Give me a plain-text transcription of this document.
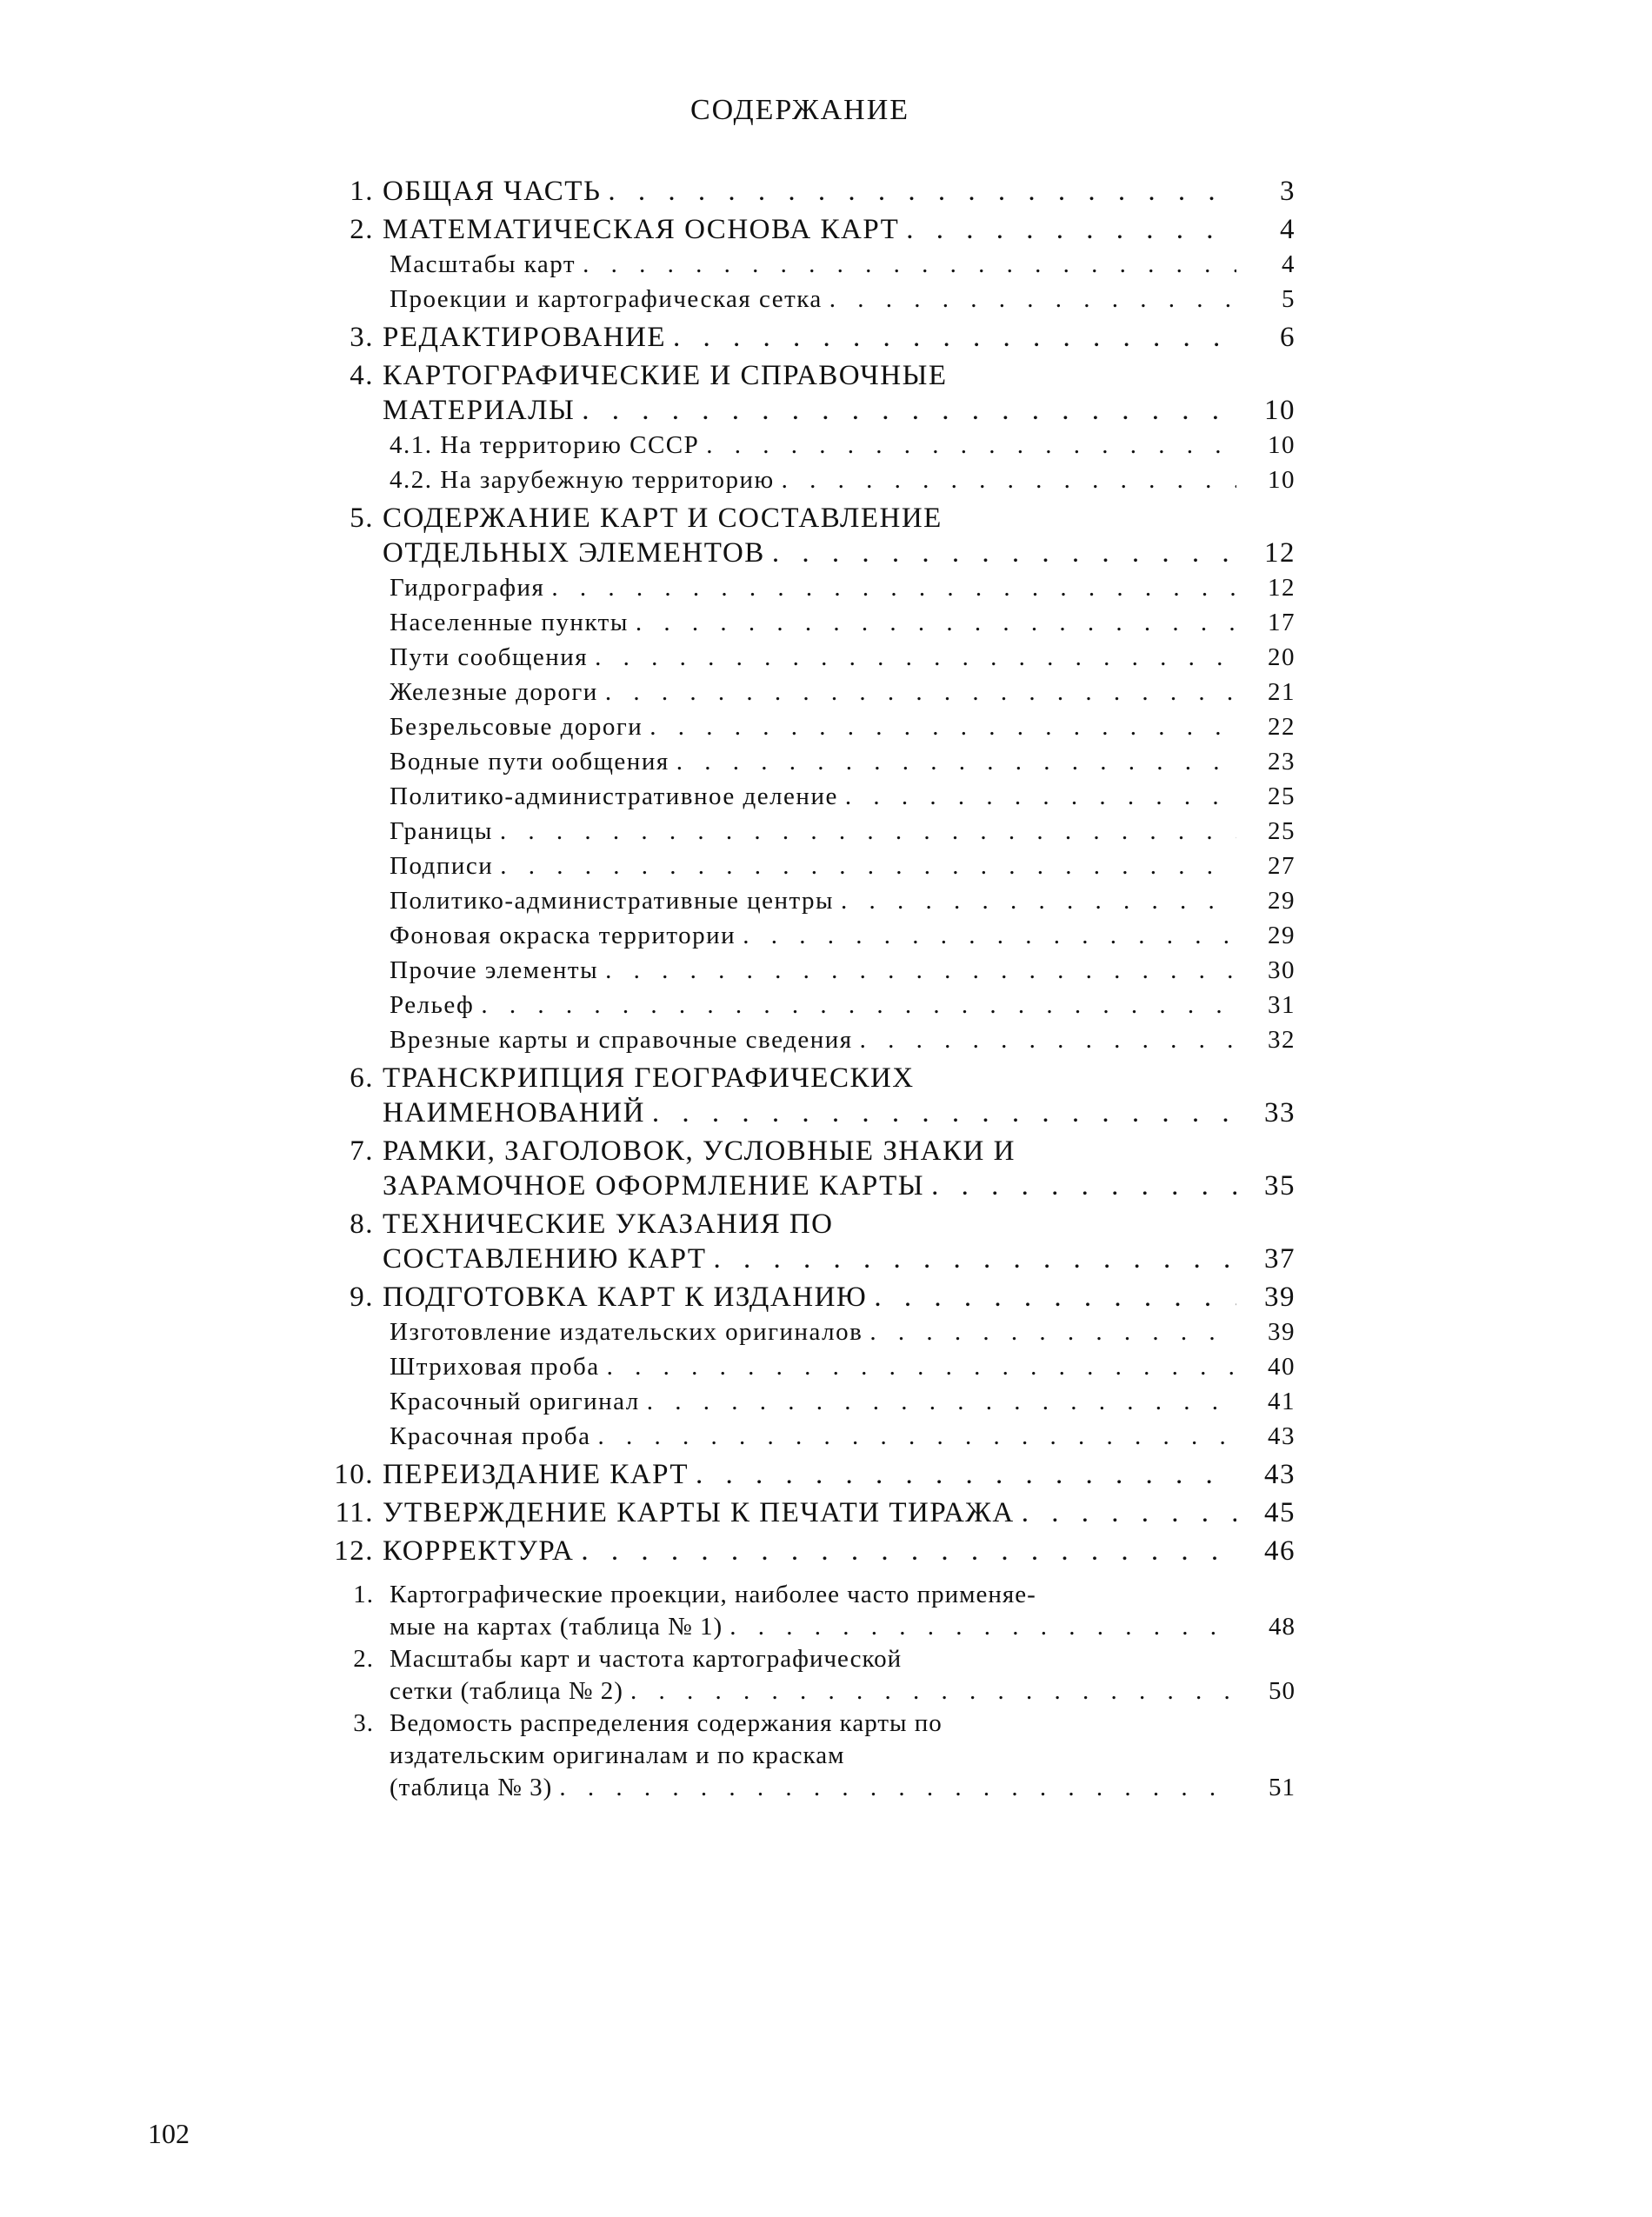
СОДЕРЖАНИЕ
1. ОБЩАЯ ЧАСТЬ . . .	3
2. МАТЕМАТИЧЕСКАЯ ОСНОВА КАРТ . . .	4
Масштабы карт . . .	4
Проекции и картографическая сетка . . .	5
3. РЕДАКТИРОВАНИЕ . . .	6
4. КАРТОГРАФИЧЕСКИЕ И СПРАВОЧНЫЕ
МАТЕРИАЛЫ . . .	10
4.1. На территорию СССР . . .	10
4.2. На зарубежную территорию . . .	10
5. СОДЕРЖАНИЕ КАРТ И СОСТАВЛЕНИЕ
ОТДЕЛЬНЫХ ЭЛЕМЕНТОВ . . .	12
Гидрография . . .	12
Населенные пункты . . .	17
Пути сообщения . . .	20
Железные дороги . . .	21
Безрельсовые дороги . . .	22
Водные пути ообщения . . .	23
Политико-административное деление . . .	25
Границы . . .	25
Подписи . . .	27
Политико-административные центры . . .	29
Фоновая окраска территории . . .	29
Прочие элементы . . .	30
Рельеф . . .	31
Врезные карты и справочные сведения . . .	32
6. ТРАНСКРИПЦИЯ ГЕОГРАФИЧЕСКИХ
НАИМЕНОВАНИЙ . . .	33
7. РАМКИ, ЗАГОЛОВОК, УСЛОВНЫЕ ЗНАКИ И
ЗАРАМОЧНОЕ ОФОРМЛЕНИЕ КАРТЫ . . .	35
8. ТЕХНИЧЕСКИЕ УКАЗАНИЯ ПО
СОСТАВЛЕНИЮ КАРТ . . .	37
9. ПОДГОТОВКА КАРТ К ИЗДАНИЮ . . .	39
Изготовление издательских оригиналов . . .	39
Штриховая проба . . .	40
Красочный оригинал . . .	41
Красочная проба . . .	43
10. ПЕРЕИЗДАНИЕ КАРТ . . .	43
11. УТВЕРЖДЕНИЕ КАРТЫ К ПЕЧАТИ ТИРАЖА . . .	45
12. КОРРЕКТУРА . . .	46
1. Картографические проекции, наиболее часто применяе-
мые на картах (таблица № 1) . . .	48
2. Масштабы карт и частота картографической
сетки (таблица № 2) . . .	50
3. Ведомость распределения содержания карты по
издательским оригиналам и по краскам
(таблица № 3) . . .	51
102
